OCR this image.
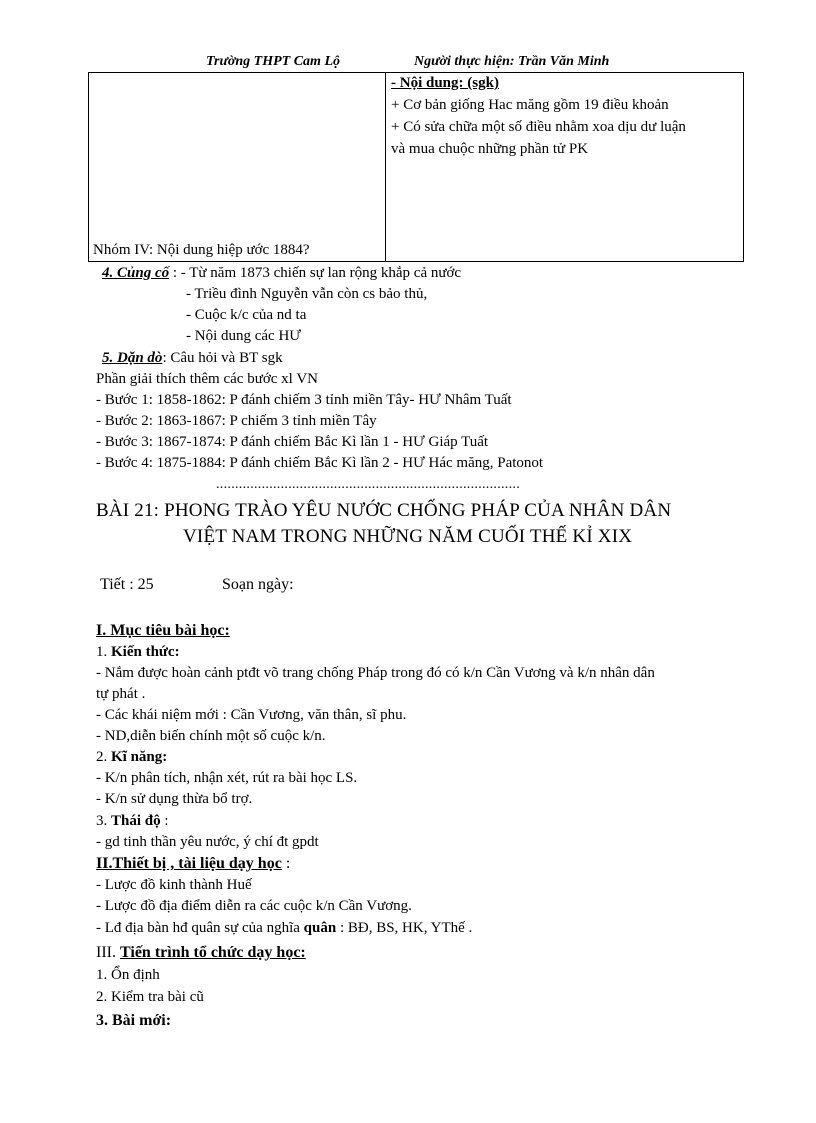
Trường THPT Cam Lộ	Người thực hiện: Trần Văn Minh
- Nội dung: (sgk)
+ Cơ bản giống Hac măng gồm 19 điều khoản
+ Có sửa chữa một số điều nhằm xoa dịu dư luận
và mua chuộc những phần tử PK
Nhóm IV: Nội dung hiệp ước 1884?
4. Củng cố : - Từ năm 1873 chiến sự lan rộng khắp cả nước
- Triều đình Nguyễn vẫn còn cs bảo thủ,
- Cuộc k/c của nd ta
- Nội dung các HƯ
5. Dặn dò: Câu hỏi và BT sgk
Phần giải thích thêm các bước xl VN
- Bước 1: 1858-1862: P đánh chiếm 3 tỉnh miền Tây- HƯ Nhâm Tuất
- Bước 2: 1863-1867: P chiếm 3 tỉnh miền Tây
- Bước 3: 1867-1874: P đánh chiếm Bắc Kì lần 1 - HƯ Giáp Tuất
- Bước 4: 1875-1884: P đánh chiếm Bắc Kì lần 2 - HƯ Hác măng, Patonot
................................................................................
BÀI 21: PHONG TRÀO YÊU NƯỚC CHỐNG PHÁP CỦA NHÂN DÂN
VIỆT NAM TRONG NHỮNG NĂM CUỐI THẾ KỈ XIX
Tiết : 25	Soạn ngày:
I. Mục tiêu bài học:
1. Kiến thức:
- Nắm được hoàn cảnh ptđt võ trang chống Pháp trong đó có k/n Cần Vương và k/n nhân dân
tự phát .
- Các khái niệm mới : Cần Vương, văn thân, sĩ phu.
- ND,diễn biến chính một số cuộc k/n.
2. Kĩ năng:
- K/n phân tích, nhận xét, rút ra bài học LS.
- K/n sử dụng thừa bổ trợ.
3. Thái độ :
- gd tinh thần yêu nước, ý chí đt gpdt
II.Thiết bị , tài liệu dạy học :
- Lược đồ kinh thành Huế
- Lược đồ địa điểm diễn ra các cuộc k/n Cần Vương.
- Lđ địa bàn hđ quân sự của nghĩa quân : BĐ, BS, HK, YThế .
III. Tiến trình tổ chức dạy học:
1. Ổn định
2. Kiểm tra bài cũ
3. Bài mới:
